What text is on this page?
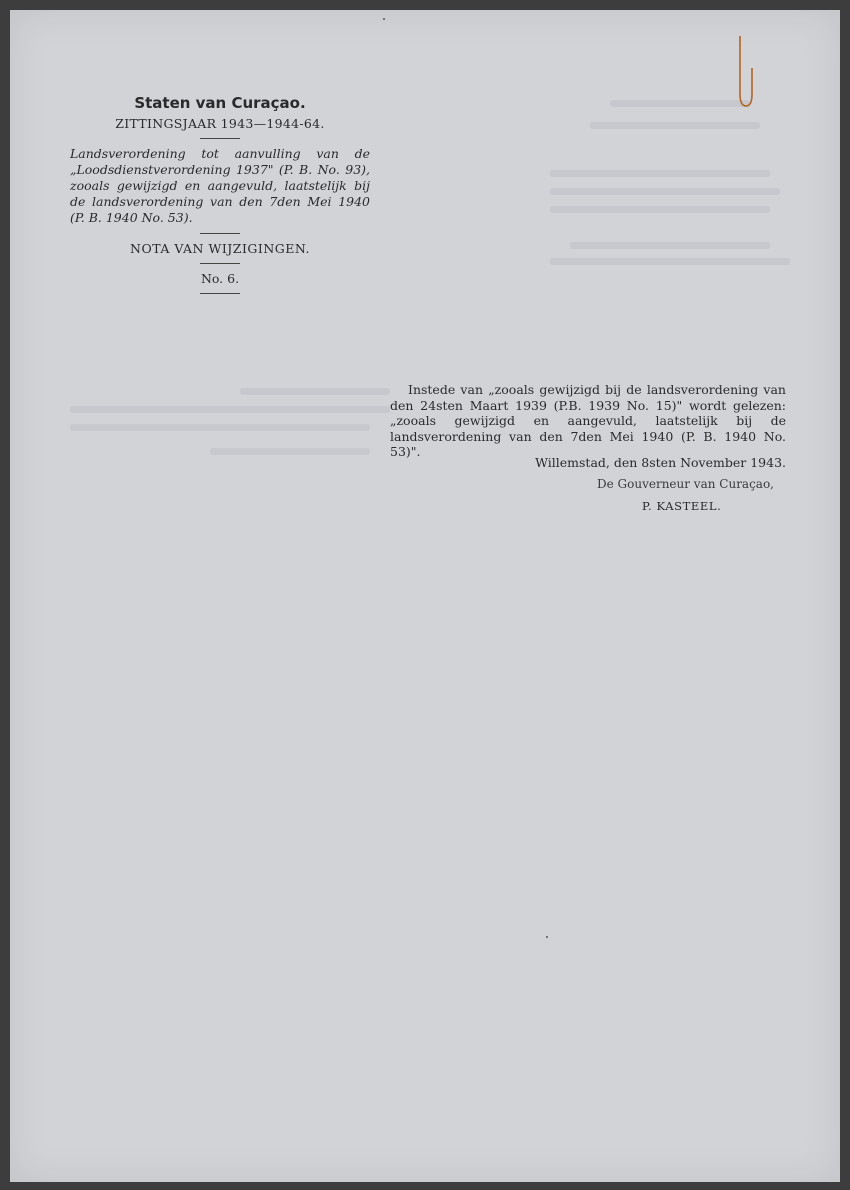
Staten van Curaçao.

ZITTINGSJAAR 1943—1944-64.

Landsverordening tot aanvulling van de „Loodsdienstverordening 1937" (P. B. No. 93), zooals gewijzigd en aangevuld, laatstelijk bij de landsverordening van den 7den Mei 1940 (P. B. 1940 No. 53).

NOTA VAN WIJZIGINGEN.

No. 6.

Instede van „zooals gewijzigd bij de landsverordening van den 24sten Maart 1939 (P.B. 1939 No. 15)" wordt gelezen: „zooals gewijzigd en aangevuld, laatstelijk bij de landsverordening van den 7den Mei 1940 (P. B. 1940 No. 53)".

Willemstad, den 8sten November 1943.

De Gouverneur van Curaçao,

P. KASTEEL.
